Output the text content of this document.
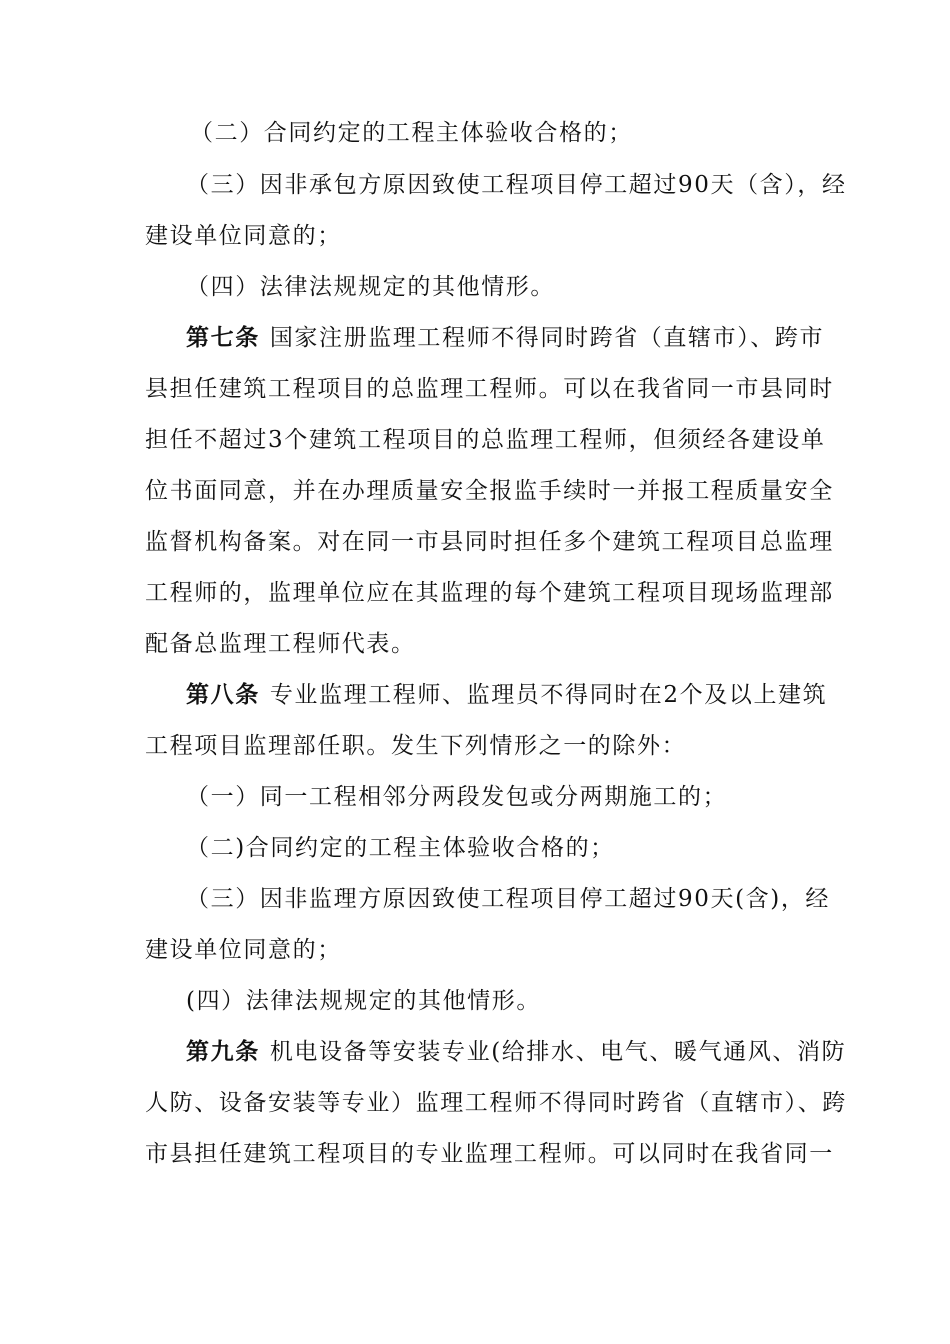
（二）合同约定的工程主体验收合格的；
（三）因非承包方原因致使工程项目停工超过90天（含），经
建设单位同意的；
（四）法律法规规定的其他情形。
第七条 国家注册监理工程师不得同时跨省（直辖市）、跨市
县担任建筑工程项目的总监理工程师。可以在我省同一市县同时
担任不超过3个建筑工程项目的总监理工程师，但须经各建设单
位书面同意，并在办理质量安全报监手续时一并报工程质量安全
监督机构备案。对在同一市县同时担任多个建筑工程项目总监理
工程师的，监理单位应在其监理的每个建筑工程项目现场监理部
配备总监理工程师代表。
第八条 专业监理工程师、监理员不得同时在2个及以上建筑
工程项目监理部任职。发生下列情形之一的除外：
（一）同一工程相邻分两段发包或分两期施工的；
（二)合同约定的工程主体验收合格的；
（三）因非监理方原因致使工程项目停工超过90天(含)，经
建设单位同意的；
(四）法律法规规定的其他情形。
第九条 机电设备等安装专业(给排水、电气、暖气通风、消防
人防、设备安装等专业）监理工程师不得同时跨省（直辖市）、跨
市县担任建筑工程项目的专业监理工程师。可以同时在我省同一
